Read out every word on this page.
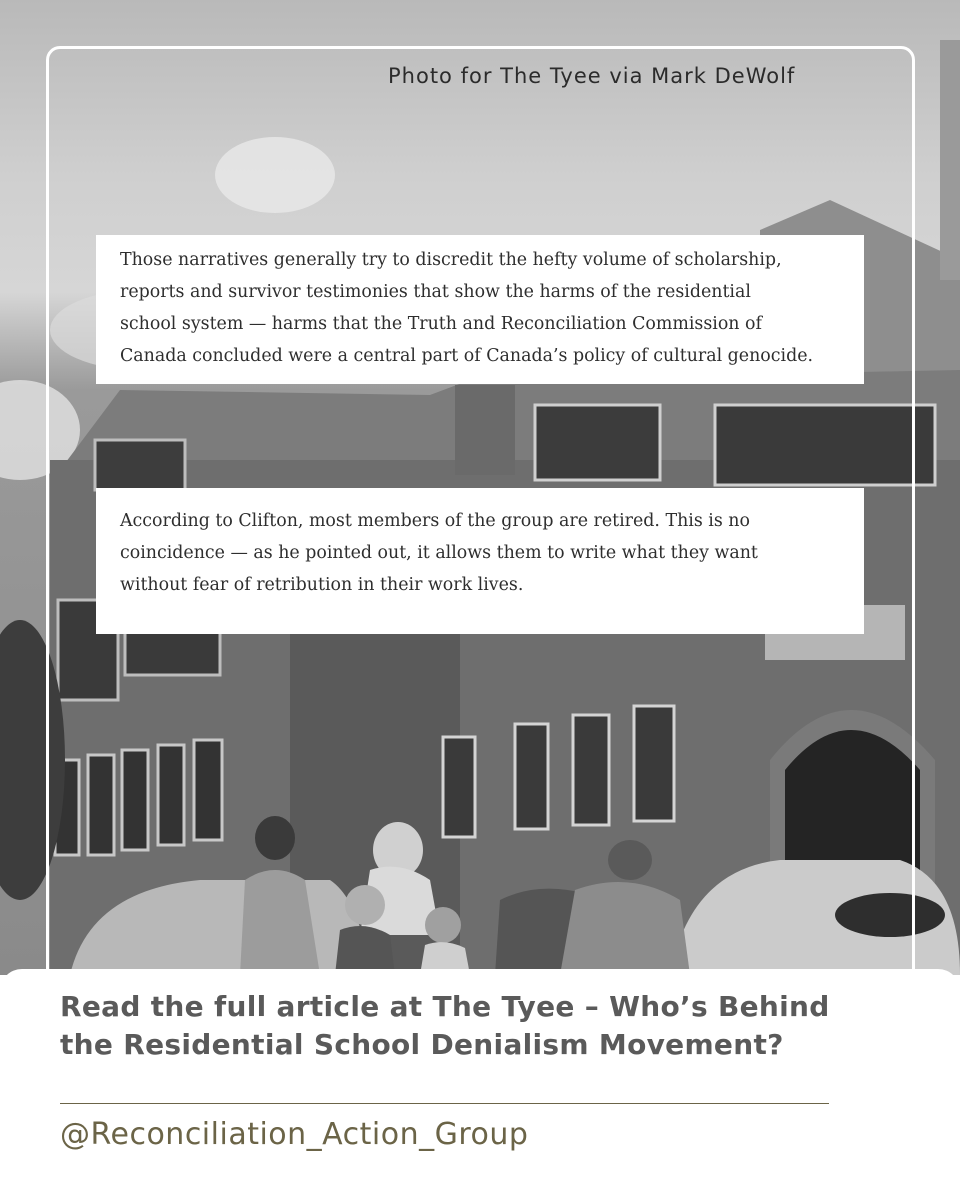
Photo for The Tyee via Mark DeWolf
Those narratives generally try to discredit the hefty volume of scholarship,
reports and survivor testimonies that show the harms of the residential
school system — harms that the Truth and Reconciliation Commission of
Canada concluded were a central part of Canada’s policy of cultural genocide.
According to Clifton, most members of the group are retired. This is no
coincidence — as he pointed out, it allows them to write what they want
without fear of retribution in their work lives.
Read the full article at The Tyee – Who’s Behind
the Residential School Denialism Movement?
@Reconciliation_Action_Group
